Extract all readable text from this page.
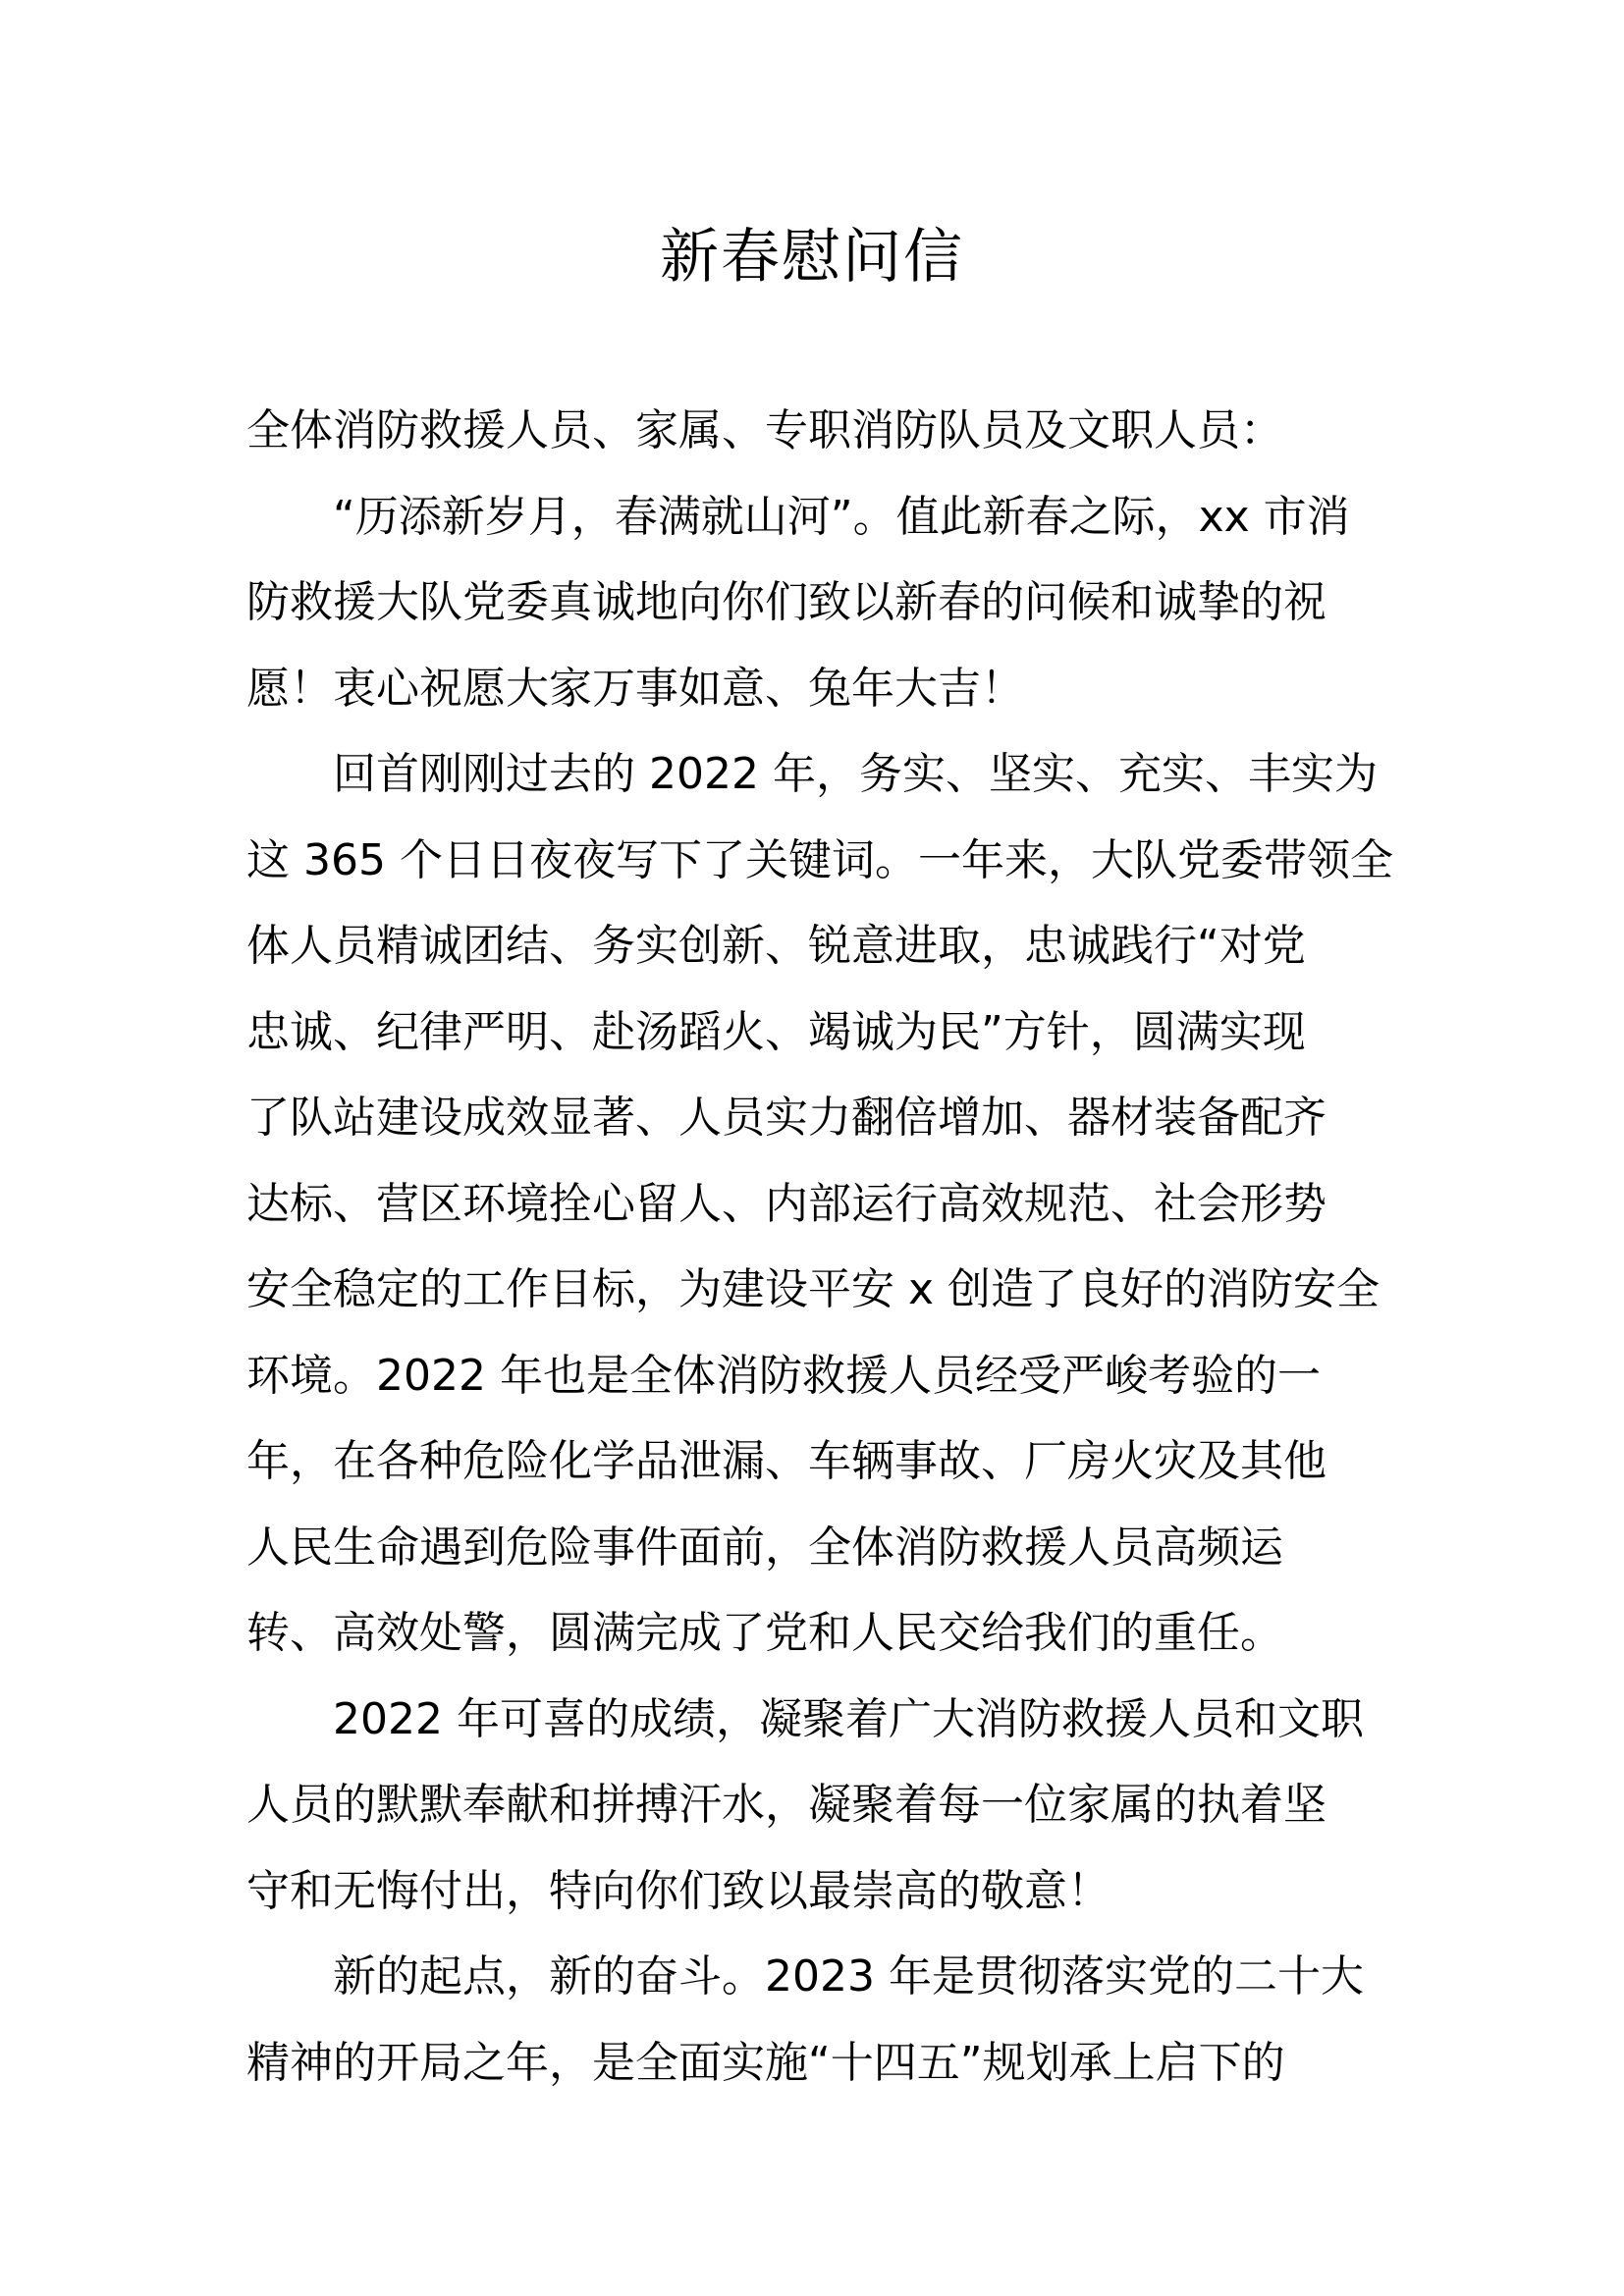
新春慰问信

全体消防救援人员、家属、专职消防队员及文职人员：

“历添新岁月，春满就山河”。值此新春之际，xx 市消
防救援大队党委真诚地向你们致以新春的问候和诚挚的祝
愿！衷心祝愿大家万事如意、兔年大吉！

回首刚刚过去的 2022 年，务实、坚实、充实、丰实为
这 365 个日日夜夜写下了关键词。一年来，大队党委带领全
体人员精诚团结、务实创新、锐意进取，忠诚践行“对党
忠诚、纪律严明、赴汤蹈火、竭诚为民”方针，圆满实现
了队站建设成效显著、人员实力翻倍增加、器材装备配齐
达标、营区环境拴心留人、内部运行高效规范、社会形势
安全稳定的工作目标，为建设平安 x 创造了良好的消防安全
环境。2022 年也是全体消防救援人员经受严峻考验的一
年，在各种危险化学品泄漏、车辆事故、厂房火灾及其他
人民生命遇到危险事件面前，全体消防救援人员高频运
转、高效处警，圆满完成了党和人民交给我们的重任。

2022 年可喜的成绩，凝聚着广大消防救援人员和文职
人员的默默奉献和拼搏汗水，凝聚着每一位家属的执着坚
守和无悔付出，特向你们致以最崇高的敬意！

新的起点，新的奋斗。2023 年是贯彻落实党的二十大
精神的开局之年，是全面实施“十四五”规划承上启下的
